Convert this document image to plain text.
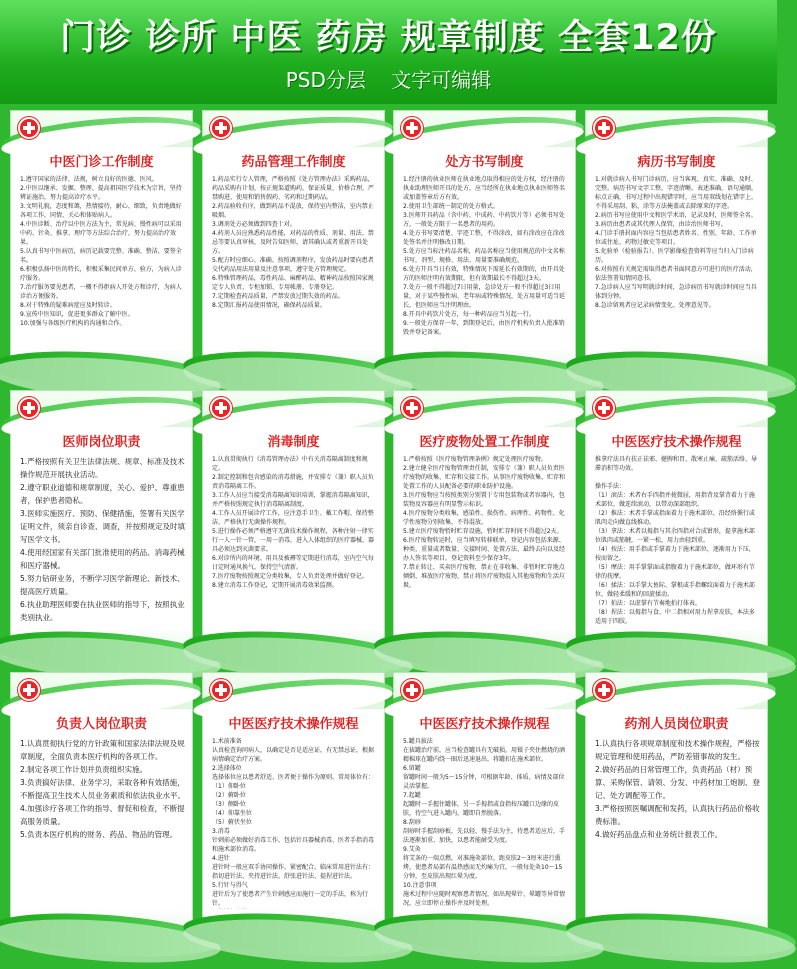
门诊 诊所 中医 药房 规章制度 全套12份
PSD分层    文字可编辑
中医门诊工作制度
1.遵守国家的法律、法规，树立良好的医德、医风。
2.中医以继承、发掘、整理、提高祖国医学技术为宗旨，坚持辨证施治，努力提高诊疗水平。
3.文明礼貌，态度和蔼，热情接待，耐心、细致，负责地做好各项工作，同情、关心和体贴病人。
4.中医诊断、治疗以中医方法为主，常见病、慢性病可以采用中药、针灸、推拿、理疗等方法综合治疗，努力提高治疗效果。
5.认真书写中医病历，病历记载要完整、准确、整洁，要签全名。
6.积极弘扬中医的特长，积极采集民间单方、验方，为病人诊疗服务。
7.治疗服务要见患者，一概不得拒病人开处方和诊疗，为病人诊治方便服务。
8.对于特殊的疑难病症应及时转诊。
9.宣传中医知识，促进更多群众了解中医。
10.加强与各级医疗机构的沟通和合作。
药品管理工作制度
1.药品实行专人管理，严格按照《处方管理办法》采购药品，药品采购有计划，按正规渠道购药，保证质量，价格合理，严禁购进、使用和销售假药、劣药和过期药品。
2.药品验收有序，做到药品不混放，保持室内整洁，室内禁止吸烟。
3.调剂处方必须做到四查十对。
4.药剂人员应熟悉药品性能，对药品的性质、剂量、用法、禁忌等要认真审核，及时告知医师，请其确认或者重新开具处方。
5.配方时应细心、准确、按照调剂程序，发放药品时要向患者交代药品用法用量及注意事项，遵守处方管理规定。
6.特殊管理药品，毒性药品、麻醉药品、精神药品按照国家规定专人负责、专柜加锁、专用帐册、专册登记。
7.定期检查药品质量，严禁发放过期失效的药品。
8.定期汇报药品使用情况，确保药品质量。
处方书写制度
1.经注册的执业医师在执业地点取得相应的处方权，经注册的执业助理医师开具的处方，应当经所在执业地点执业医师签名或加盖签章后方有效。
2.使用卫生部统一制定的处方格式。
3.医师开具药品（含中药、中成药、中药饮片等）必须书写处方，一般处方限于一名患者的用药。
4.处方书写要清楚、字迹工整，不得涂改，如有涂改应在涂改处签名并注明修改日期。
5.处方应当标注药品名称，药品名称应当使用规范的中文名称书写，剂型、规格、用法、用量要准确规范。
6.处方开具当日有效，特殊情况下需延长有效期的，由开具处方的医师注明有效期限，但有效期最长不得超过3天。
7.处方一般不得超过7日用量，急诊处方一般不得超过3日用量，对于某些慢性病、老年病或特殊情况，处方用量可适当延长，但医师应当注明理由。
8.开具中药饮片处方，每一种药品应当另起一行。
9.一般处方保存一年，到期登记后，由医疗机构负责人批准销毁并登记备案。
病历书写制度
1.对就诊病人书写门诊病历，应当客观、真实、准确、及时、完整。病历书写文字工整，字迹清晰，表述准确，语句通顺，标点正确，书写过程中出现错字时，应当用双线划在错字上，不得采用刮、粘、涂等方法掩盖或去除原来的字迹。
2.病历书写应使用中文和医学术语，记录及时，医师签全名。
3.病历由患者或其代理人保管，由诊治医师书写。
4.门诊手册封面内容应当包括患者姓名、性别、年龄、工作单位或住址、药物过敏史等项目。
5.化验单（检验报告）、医学影像检查资料等应当归入门诊病历。
6.对按照有关规定需取得患者书面同意方可进行的医疗活动，依法签署知情同意书。
7.急诊病人应当写明就诊时间，急诊病历书写就诊时间应当具体到分钟。
8.急诊留观者应记录病情变化、处理意见等。
医师岗位职责
1.严格按照有关卫生法律法规、规章、标准及技术操作规范开展执业活动。
2.遵守职业道德和规章制度，关心、爱护、尊重患者，保护患者隐私。
3.医师实施医疗、预防、保健措施，签署有关医学证明文件，须亲自诊查、调查，并按照规定及时填写医学文书。
4.使用经国家有关部门批准使用的药品、消毒药械和医疗器械。
5.努力钻研业务，不断学习医学新理论、新技术、提高医疗质量。
6.执业助理医师要在执业医师的指导下，按照执业类别执业。
消毒制度
1.认真贯彻执行《消毒管理办法》中有关消毒隔离制度和规定。
2.制定控制和包含感染的消毒措施，并安排专（兼）职人员负责消毒隔离工作。
3.工作人员应当接受消毒隔离知识培训，掌握消毒隔离知识，并严格按照规定执行消毒隔离制度。
4.工作人员开展诊疗工作，应注意手卫生、戴工作帽、保持整洁，严格执行无菌操作规程。
5.进行操作必须严格遵守无菌技术操作规程，各种注射一律实行一人一针一管，一用一消毒，进入人体组织的医疗器械、器具必须达到灭菌要求。
6.对诊所内的环境、用具及被褥等定期进行消毒，室内空气每日定时通风换气，保持空气清新。
7.医疗废物按照规定分类收集，专人负责处理并做好登记。
8.建立消毒工作登记，定期开展消毒效果监测。
医疗废物处置工作制度
1.严格按照《医疗废物管理条例》规定处理医疗废物。
2.建立健全医疗废物管理责任制，安排专（兼）职人员负责医疗废物的收集、贮存和交接工作。从事医疗废物收集、贮存和处置工作的人员配备必要的职业防护设施。
3.医疗废物应当按照类别分别置于专用包装物或者容器内，包装物及容器应有明显警示标识。
4.医疗废物分类收集，感染性、损伤性、病理性、药物性、化学性废物分别收集，不得混放。
5.建立医疗废物暂时贮存设施，暂时贮存时间不得超过2天。
6.医疗废物转运时，应当填写转移联单，登记内容包括来源、种类、重量或者数量、交接时间、处置方法、最终去向以及经办人签名等项目，登记资料至少保存3年。
7.禁止转让、买卖医疗废物，禁止在非收集、非暂时贮存地点倾倒、堆放医疗废物，禁止将医疗废物混入其他废物和生活垃圾。
中医医疗技术操作规程
推拿疗法具有扶正祛邪、健脾和胃、散寒止痛、疏筋活络、导滞消积等功效。

操作手法：
（1）滚法：术者右手四指并拢微屈，用指背及掌背着力于施术部位，做连续滚动，以带动深部组织。
（2）推法：术者手掌或指面着力于施术部位，沿经络循行或肌肉走向做直线推动。
（3）拿法：术者以拇指与其余四指对合成钳形，提拿施术部位肌肉或筋腱，一紧一松，用力由轻到重。
（4）按法：用手指或手掌着力于施术部位，逐渐用力下压，按而留之。
（5）摩法：用手掌掌面或指腹着力于施术部位，做环形有节律的抚摩。
（6）揉法：以手掌大鱼际、掌根或手指螺纹面着力于施术部位，做轻柔缓和的回旋揉动。
（7）拍法：以虚掌有节奏地拍打体表。
（8）捏法：以拇指与食、中二指相对用力捏拿皮肤，本法多适用于四肢。
负责人岗位职责
1.认真贯彻执行党的方针政策和国家法律法规及规章制度，全面负责本医疗机构的各项工作。
2.制定各项工作计划并负责组织实施。
3.负责搞好法律、业务学习，采取各种有效措施，不断提高卫生技术人员业务素质和依法执业水平。
4.加强诊疗各项工作的指导、督促和检查，不断提高服务质量。
5.负责本医疗机构的财务、药品、物品的管理。
中医医疗技术操作规程
1.术前准备
认真检查询问病人，以确定是否是适应证，有无禁忌证，根据病情确定治疗方案。
2.选择体位
选择体位应以患者舒适、医者便于操作为原则。常用体位有：
（1）仰卧位
（2）俯卧位
（3）侧卧位
（4）仰靠坐位
（5）俯伏坐位
3.消毒
针刺前必须做好消毒工作，包括针具器械消毒、医者手指消毒和施术部位消毒。
4.进针
进针时一般应双手协同操作，紧密配合。临床常用进针法有：指切进针法、夹持进针法、舒张进针法、提捏进针法。
5.行针与得气
进针后为了使患者产生针刺感应而施行一定的手法，称为行针。

中医医疗技术操作规程
5.罐具拔法
在拔罐治疗前，应当检查罐具有无破损，用镊子夹住燃烧的酒精棉球在罐内绕一圈后迅速退出，将罐扣在施术部位。
6.留罐
留罐时间一般为5～15分钟，可根据年龄、体质、病情及部位灵活掌握。
7.起罐
起罐时一手握住罐体，另一手拇指或食指按压罐口边缘的皮肤，待空气进入罐内，罐即自然脱落。
8.刮痧
刮痧时手握刮痧板，先以轻、慢手法为主，待患者适应后，手法逐渐加重、加快，以患者能耐受为度。
9.艾灸
将艾条的一端点燃，对准施灸部位，距皮肤2～3厘米进行熏烤，使患者局部有温热感而无灼痛为宜，一般每处灸10～15分钟，至皮肤出现红晕为度。
10.注意事项
施术过程中应随时观察患者情况，如出现晕针、晕罐等异常情况，应立即停止操作并及时处理。
药剂人员岗位职责
1.认真执行各项规章制度和技术操作规程，严格按规定管理和使用药品，严防差错事故的发生。
2.做好药品的日常管理工作，负责药品（材）预算、采购保管、请领、分发、中药材加工炮制、登记、处方调配等工作。
3.严格按照医嘱调配和发药，认真执行药品价格收费标准。
4.做好药品盘点和业务统计报表工作。
